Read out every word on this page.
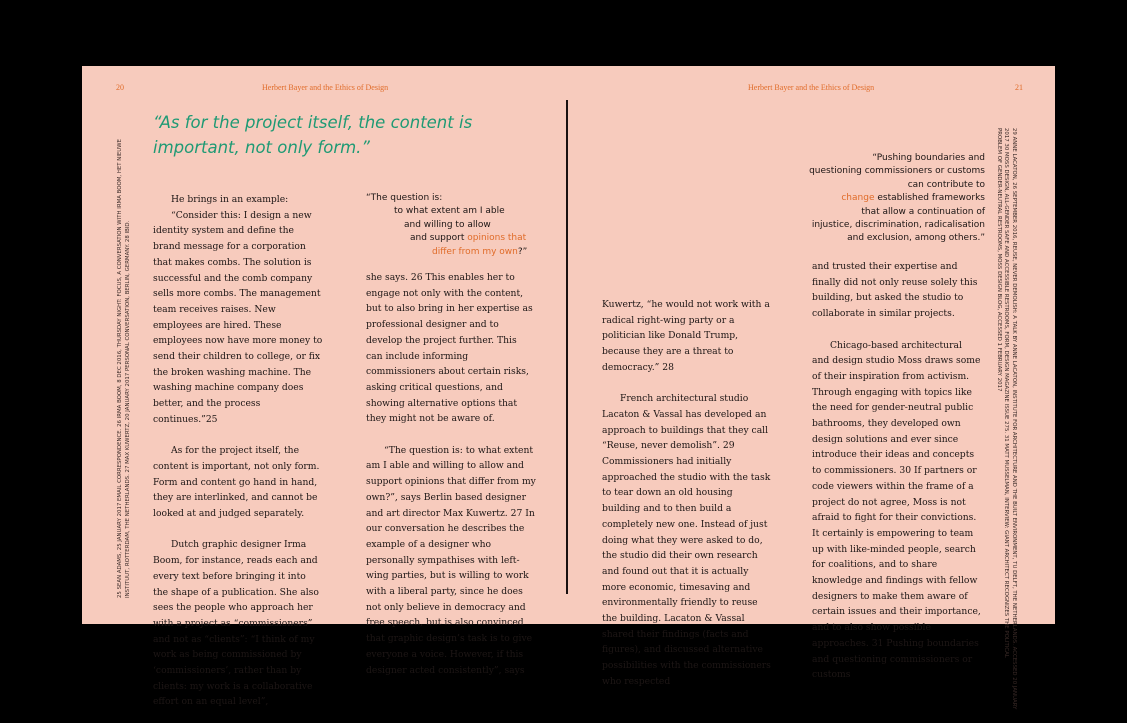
20	Herbert Bayer and the Ethics of Design	Herbert Bayer and the Ethics of Design	21
“As for the project itself, the content is important, not only form.”
25 SEAN ADAMS, 25 JANUARY 2017 EMAIL CORRESPONDENCE. 26 IRMA BOOM, 8 DEC 2016, THURSDAY NIGHT: FOCUS, A CONVERSATION WITH IRMA BOOM, HET NIEUWE INSTITUUT, ROTTERDAM, THE NETHERLANDS. 27 MAX KUWERTZ, 20 JANUARY 2017 PERSONAL CONVERSATION, BERLIN, GERMANY. 28 IBID.	29 ANNE LACATON, 26 SEPTEMBER 2016, REUSE, NEVER DEMOLISH: A TALK BY ANNE LACATON, INSTITUTE FOR ARCHITECTURE AND THE BUILT ENVIRONMENT, TU DELFT, THE NETHERLANDS. ACCESSED 20 JANUARY
2017 30 MOSS DESIGN, ALL-GENDER SAFE AND ACCESSIBLE RESTROOMS, FORM, DESIGN MAGAZINE ISSUE 275. 31 MATT MUSSELMAN, INTERVIEW: GIANT ARCHITECT RECOGNIZES THE POLITICAL
PROBLEM OF GENDER-NEUTRAL RESTROOMS, MOSS DESIGN BLOG, ACCESSED 1 FEBRUARY 2017

He brings in an example:

“Consider this: I design a new identity system and define the brand message for a corporation that makes combs. The solution is successful and the comb company sells more combs. The management team receives raises. New employees are hired. These employees now have more money to send their children to college, or fix the broken washing machine. The washing machine company does better, and the process continues.”25

As for the project itself, the content is important, not only form. Form and content go hand in hand, they are interlinked, and cannot be looked at and judged separately.

Dutch graphic designer Irma Boom, for instance, reads each and every text before bringing it into the shape of a publication. She also sees the people who approach her with a project as “commissioners” and not as “clients”: “I think of my work as being commissioned by ‘commissioners’, rather than by clients: my work is a collaborative effort on an equal level”,

“The question is:
to what extent am I able
and willing to allow
and support opinions that
differ from my own?”

she says. 26 This enables her to engage not only with the content, but to also bring in her expertise as professional designer and to develop the project further. This can include informing commissioners about certain risks, asking critical questions, and showing alternative options that they might not be aware of.

“The question is: to what extent am I able and willing to allow and support opinions that differ from my own?”, says Berlin based designer and art director Max Kuwertz. 27 In our conversation he describes the example of a designer who personally sympathises with left-wing parties, but is willing to work with a liberal party, since he does not only believe in democracy and free speech, but is also convinced that graphic design’s task is to give everyone a voice. However, if this designer acted consistently”, says

Kuwertz, “he would not work with a radical right-wing party or a politician like Donald Trump, because they are a threat to democracy.” 28

French architectural studio Lacaton & Vassal has developed an approach to buildings that they call “Reuse, never demolish”. 29 Commissioners had initially approached the studio with the task to tear down an old housing building and to then build a completely new one. Instead of just doing what they were asked to do, the studio did their own research and found out that it is actually more economic, timesaving and environmentally friendly to reuse the building. Lacaton & Vassal shared their findings (facts and figures), and discussed alternative possibilities with the commissioners who respected

“Pushing boundaries and
questioning commissioners or customs
can contribute to
change established frameworks
that allow a continuation of
injustice, discrimination, radicalisation
and exclusion, among others.”

and trusted their expertise and finally did not only reuse solely this building, but asked the studio to collaborate in similar projects.

Chicago-based architectural and design studio Moss draws some of their inspiration from activism. Through engaging with topics like the need for gender-neutral public bathrooms, they developed own design solutions and ever since introduce their ideas and concepts to commissioners. 30 If partners or code viewers within the frame of a project do not agree, Moss is not afraid to fight for their convictions. It certainly is empowering to team up with like-minded people, search for coalitions, and to share knowledge and findings with fellow designers to make them aware of certain issues and their importance, and to also show possible approaches. 31 Pushing boundaries and questioning commissioners or customs
